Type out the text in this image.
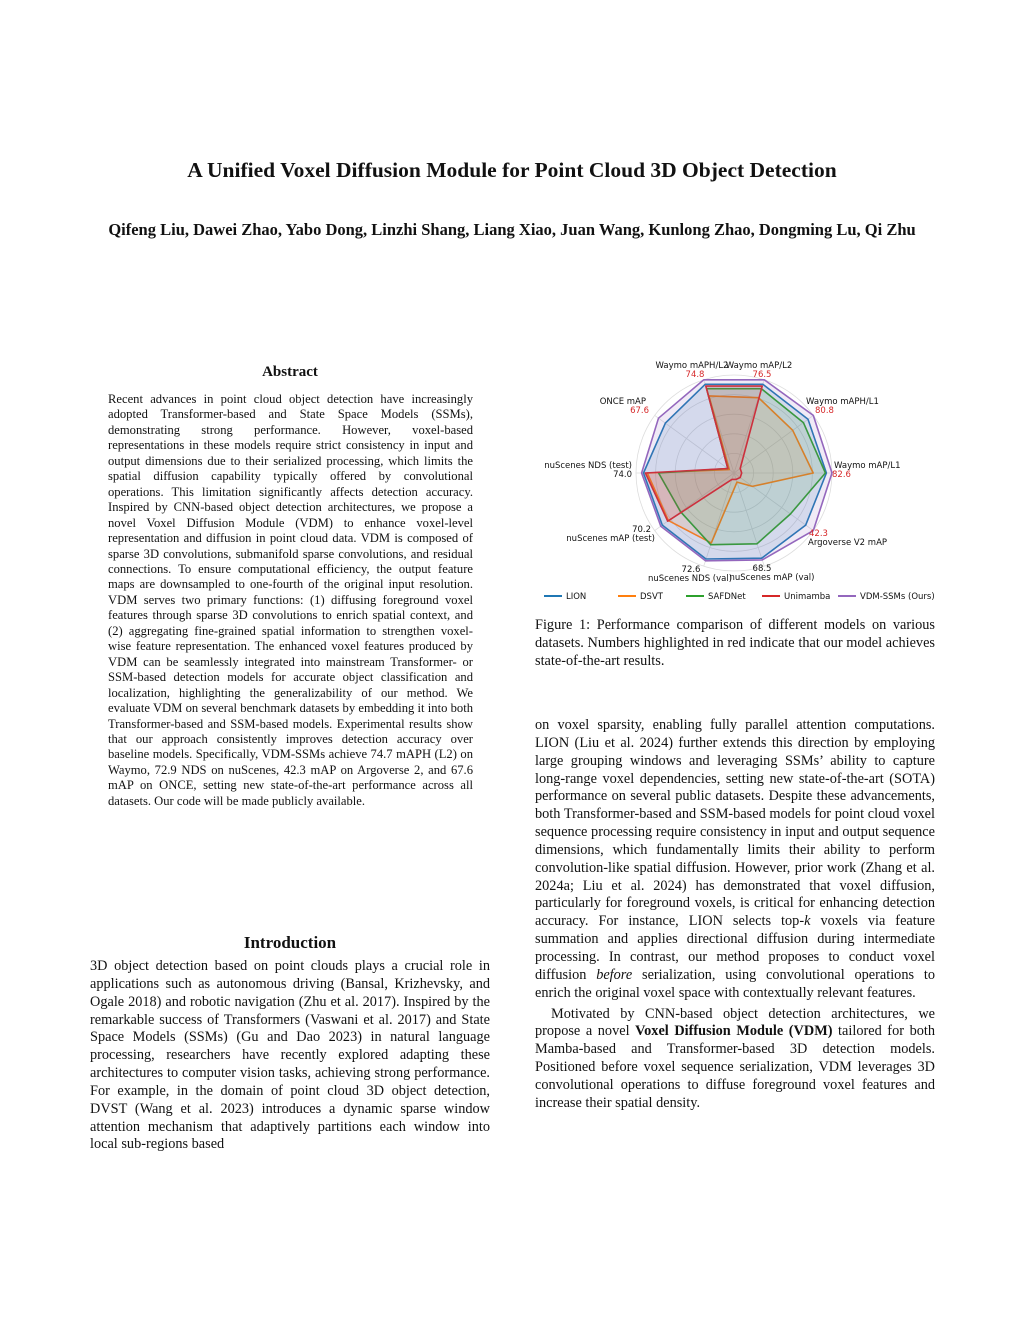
A Unified Voxel Diffusion Module for Point Cloud 3D Object Detection
Qifeng Liu, Dawei Zhao, Yabo Dong, Linzhi Shang, Liang Xiao, Juan Wang, Kunlong Zhao, Dongming Lu, Qi Zhu
Abstract
Recent advances in point cloud object detection have increasingly adopted Transformer-based and State Space Models (SSMs), demonstrating strong performance. However, voxel-based representations in these models require strict consistency in input and output dimensions due to their serialized processing, which limits the spatial diffusion capability typically offered by convolutional operations. This limitation significantly affects detection accuracy. Inspired by CNN-based object detection architectures, we propose a novel Voxel Diffusion Module (VDM) to enhance voxel-level representation and diffusion in point cloud data. VDM is composed of sparse 3D convolutions, submanifold sparse convolutions, and residual connections. To ensure computational efficiency, the output feature maps are downsampled to one-fourth of the original input resolution. VDM serves two primary functions: (1) diffusing foreground voxel features through sparse 3D convolutions to enrich spatial context, and (2) aggregating fine-grained spatial information to strengthen voxel-wise feature representation. The enhanced voxel features produced by VDM can be seamlessly integrated into mainstream Transformer- or SSM-based detection models for accurate object classification and localization, highlighting the generalizability of our method. We evaluate VDM on several benchmark datasets by embedding it into both Transformer-based and SSM-based models. Experimental results show that our approach consistently improves detection accuracy over baseline models. Specifically, VDM-SSMs achieve 74.7 mAPH (L2) on Waymo, 72.9 NDS on nuScenes, 42.3 mAP on Argoverse 2, and 67.6 mAP on ONCE, setting new state-of-the-art performance across all datasets. Our code will be made publicly available.
Introduction
3D object detection based on point clouds plays a crucial role in applications such as autonomous driving (Bansal, Krizhevsky, and Ogale 2018) and robotic navigation (Zhu et al. 2017). Inspired by the remarkable success of Transformers (Vaswani et al. 2017) and State Space Models (SSMs) (Gu and Dao 2023) in natural language processing, researchers have recently explored adapting these architectures to computer vision tasks, achieving strong performance. For example, in the domain of point cloud 3D object detection, DVST (Wang et al. 2023) introduces a dynamic sparse window attention mechanism that adaptively partitions each window into local sub-regions based
Waymo mAP/L2
76.5
Waymo mAPH/L1
80.8
Waymo mAP/L1
82.6
Argoverse V2 mAP
42.3
nuScenes mAP (val)
68.5
nuScenes NDS (val)
72.6
nuScenes mAP (test)
70.2
nuScenes NDS (test)
74.0
ONCE mAP
67.6
Waymo mAPH/L2
74.8
LION	DSVT	SAFDNet	Unimamba	VDM-SSMs (Ours)
Figure 1: Performance comparison of different models on various datasets. Numbers highlighted in red indicate that our model achieves state-of-the-art results.

on voxel sparsity, enabling fully parallel attention computations. LION (Liu et al. 2024) further extends this direction by employing large grouping windows and leveraging SSMs’ ability to capture long-range voxel dependencies, setting new state-of-the-art (SOTA) performance on several public datasets. Despite these advancements, both Transformer-based and SSM-based models for point cloud voxel sequence processing require consistency in input and output sequence dimensions, which fundamentally limits their ability to perform convolution-like spatial diffusion. However, prior work (Zhang et al. 2024a; Liu et al. 2024) has demonstrated that voxel diffusion, particularly for foreground voxels, is critical for enhancing detection accuracy. For instance, LION selects top-k voxels via feature summation and applies directional diffusion during intermediate processing. In contrast, our method proposes to conduct voxel diffusion before serialization, using convolutional operations to enrich the original voxel space with contextually relevant features.

Motivated by CNN-based object detection architectures, we propose a novel Voxel Diffusion Module (VDM) tailored for both Mamba-based and Transformer-based 3D detection models. Positioned before voxel sequence serialization, VDM leverages 3D convolutional operations to diffuse foreground voxel features and increase their spatial density.
